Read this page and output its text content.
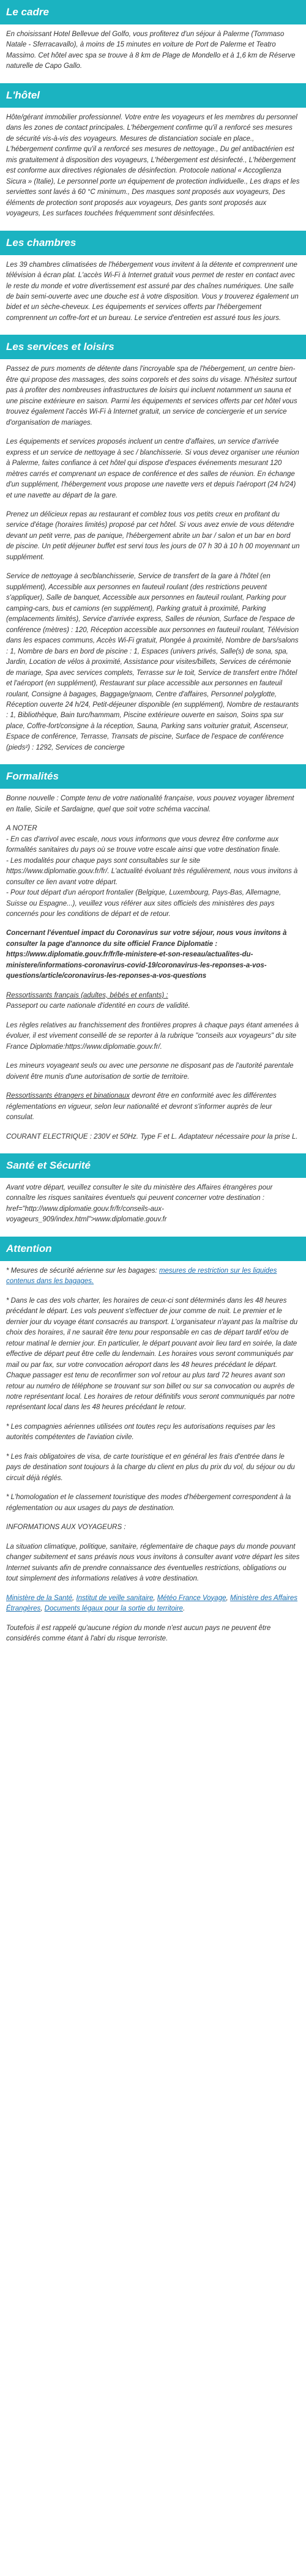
Le cadre

En choisissant Hotel Bellevue del Golfo, vous profiterez d'un séjour à Palerme (Tommaso Natale - Sferracavallo), à moins de 15 minutes en voiture de Port de Palerme et Teatro Massimo. Cet hôtel avec spa se trouve à 8 km de Plage de Mondello et à 1,6 km de Réserve naturelle de Capo Gallo.

L'hôtel

Hôte/gérant immobilier professionnel. Votre entre les voyageurs et les membres du personnel dans les zones de contact principales. L'hébergement confirme qu'il a renforcé ses mesures de sécurité vis-à-vis des voyageurs. Mesures de distanciation sociale en place., L'hébergement confirme qu'il a renforcé ses mesures de nettoyage., Du gel antibactérien est mis gratuitement à disposition des voyageurs, L'hébergement est désinfecté., L'hébergement est conforme aux directives régionales de désinfection. Protocole national « Accoglienza Sicura » (Italie), Le personnel porte un équipement de protection individuelle., Les draps et les serviettes sont lavés à 60 °C minimum., Des masques sont proposés aux voyageurs, Des éléments de protection sont proposés aux voyageurs, Des gants sont proposés aux voyageurs, Les surfaces touchées fréquemment sont désinfectées.

Les chambres

Les 39 chambres climatisées de l'hébergement vous invitent à la détente et comprennent une télévision à écran plat. L'accès Wi-Fi à Internet gratuit vous permet de rester en contact avec le reste du monde et votre divertissement est assuré par des chaînes numériques. Une salle de bain semi-ouverte avec une douche est à votre disposition. Vous y trouverez également un bidet et un sèche-cheveux. Les équipements et services offerts par l'hébergement comprennent un coffre-fort et un bureau. Le service d'entretien est assuré tous les jours.

Les services et loisirs

Passez de purs moments de détente dans l'incroyable spa de l'hébergement, un centre bien-être qui propose des massages, des soins corporels et des soins du visage. N'hésitez surtout pas à profiter des nombreuses infrastructures de loisirs qui incluent notamment un sauna et une piscine extérieure en saison. Parmi les équipements et services offerts par cet hôtel vous trouvez également l'accès Wi-Fi à Internet gratuit, un service de conciergerie et un service d'organisation de mariages.

Les équipements et services proposés incluent un centre d'affaires, un service d'arrivée express et un service de nettoyage à sec / blanchisserie. Si vous devez organiser une réunion à Palerme, faites confiance à cet hôtel qui dispose d'espaces événements mesurant 120 mètres carrés et comprenant un espace de conférence et des salles de réunion. En échange d'un supplément, l'hébergement vous propose une navette vers et depuis l'aéroport (24 h/24) et une navette au départ de la gare.

Prenez un délicieux repas au restaurant et comblez tous vos petits creux en profitant du service d'étage (horaires limités) proposé par cet hôtel. Si vous avez envie de vous détendre devant un petit verre, pas de panique, l'hébergement abrite un bar / salon et un bar en bord de piscine. Un petit déjeuner buffet est servi tous les jours de 07 h 30 à 10 h 00 moyennant un supplément.

Service de nettoyage à sec/blanchisserie, Service de transfert de la gare à l'hôtel (en supplément), Accessible aux personnes en fauteuil roulant (des restrictions peuvent s'appliquer), Salle de banquet, Accessible aux personnes en fauteuil roulant, Parking pour camping-cars, bus et camions (en supplément), Parking gratuit à proximité, Parking (emplacements limités), Service d'arrivée express, Salles de réunion, Surface de l'espace de conférence (mètres) : 120, Réception accessible aux personnes en fauteuil roulant, Télévision dans les espaces communs, Accès Wi-Fi gratuit, Plongée à proximité, Nombre de bars/salons : 1, Nombre de bars en bord de piscine : 1, Espaces (univers privés, Salle(s) de sona, spa, Jardin, Location de vélos à proximité, Assistance pour visites/billets, Services de cérémonie de mariage, Spa avec services complets, Terrasse sur le toit, Service de transfert entre l'hôtel et l'aéroport (en supplément), Restaurant sur place accessible aux personnes en fauteuil roulant, Consigne à bagages, Baggage/gnaom, Centre d'affaires, Personnel polyglotte, Réception ouverte 24 h/24, Petit-déjeuner disponible (en supplément), Nombre de restaurants : 1, Bibliothèque, Bain turc/hammam, Piscine extérieure ouverte en saison, Soins spa sur place, Coffre-fort/consigne à la réception, Sauna, Parking sans voiturier gratuit, Ascenseur, Espace de conférence, Terrasse, Transats de piscine, Surface de l'espace de conférence (pieds²) : 1292, Services de concierge

Formalités

Bonne nouvelle : Compte tenu de votre nationalité française, vous pouvez voyager librement en Italie, Sicile et Sardaigne, quel que soit votre schéma vaccinal.

A NOTER
- En cas d'arrivol avec escale, nous vous informons que vous devrez être conforme aux formalités sanitaires du pays où se trouve votre escale ainsi que votre destination finale.
- Les modalités pour chaque pays sont consultables sur le site https://www.diplomatie.gouv.fr/fr/. L'actualité évoluant très régulièrement, nous vous invitons à consulter ce lien avant votre départ.
- Pour tout départ d'un aéroport frontalier (Belgique, Luxembourg, Pays-Bas, Allemagne, Suisse ou Espagne...), veuillez vous référer aux sites officiels des ministères des pays concernés pour les conditions de départ et de retour.

Concernant l'éventuel impact du Coronavirus sur votre séjour, nous vous invitons à consulter la page d'annonce du site officiel France Diplomatie : https://www.diplomatie.gouv.fr/fr/le-ministere-et-son-reseau/actualites-du-ministere/informations-coronavirus-covid-19/coronavirus-les-reponses-a-vos-questions/article/coronavirus-les-reponses-a-vos-questions

Ressortissants français (adultes, bébés et enfants) :
Passeport ou carte nationale d'identité en cours de validité.

Les règles relatives au franchissement des frontières propres à chaque pays étant amenées à évoluer, il est vivement conseillé de se reporter à la rubrique "conseils aux voyageurs" du site France Diplomatie:https://www.diplomatie.gouv.fr/.

Les mineurs voyageant seuls ou avec une personne ne disposant pas de l'autorité parentale doivent être munis d'une autorisation de sortie de territoire.

Ressortissants étrangers et binationaux devront être en conformité avec les différentes réglementations en vigueur, selon leur nationalité et devront s'informer auprès de leur consulat.

COURANT ELECTRIQUE : 230V et 50Hz. Type F et L. Adaptateur nécessaire pour la prise L.

Santé et Sécurité

Avant votre départ, veuillez consulter le site du ministère des Affaires étrangères pour connaître les risques sanitaires éventuels qui peuvent concerner votre destination : href="http://www.diplomatie.gouv.fr/fr/conseils-aux-voyageurs_909/index.html">www.diplomatie.gouv.fr

Attention

* Mesures de sécurité aérienne sur les bagages: mesures de restriction sur les liquides contenus dans les bagages.

* Dans le cas des vols charter, les horaires de ceux-ci sont déterminés dans les 48 heures précédant le départ. Les vols peuvent s'effectuer de jour comme de nuit. Le premier et le dernier jour du voyage étant consacrés au transport. L'organisateur n'ayant pas la maîtrise du choix des horaires, il ne saurait être tenu pour responsable en cas de départ tardif et/ou de retour matinal le dernier jour. En particulier, le départ pouvant avoir lieu tard en soirée, la date effective de départ peut être celle du lendemain. Les horaires vous seront communiqués par mail ou par fax, sur votre convocation aéroport dans les 48 heures précédant le départ. Chaque passager est tenu de reconfirmer son vol retour au plus tard 72 heures avant son retour au numéro de téléphone se trouvant sur son billet ou sur sa convocation ou auprès de notre représentant local. Les horaires de retour définitifs vous seront communiqués par notre représentant local dans les 48 heures précédant le retour.

* Les compagnies aériennes utilisées ont toutes reçu les autorisations requises par les autorités compétentes de l'aviation civile.

* Les frais obligatoires de visa, de carte touristique et en général les frais d'entrée dans le pays de destination sont toujours à la charge du client en plus du prix du vol, du séjour ou du circuit déjà réglés.

* L'homologation et le classement touristique des modes d'hébergement correspondent à la réglementation ou aux usages du pays de destination.

INFORMATIONS AUX VOYAGEURS :

La situation climatique, politique, sanitaire, réglementaire de chaque pays du monde pouvant changer subitement et sans préavis nous vous invitons à consulter avant votre départ les sites Internet suivants afin de prendre connaissance des éventuelles restrictions, obligations ou tout simplement des informations relatives à votre destination.

Ministère de la Santé, Institut de veille sanitaire, Météo France Voyage, Ministère des Affaires Étrangères, Documents légaux pour la sortie du territoire.

Toutefois il est rappelé qu'aucune région du monde n'est aucun pays ne peuvent être considérés comme étant à l'abri du risque terroriste.
